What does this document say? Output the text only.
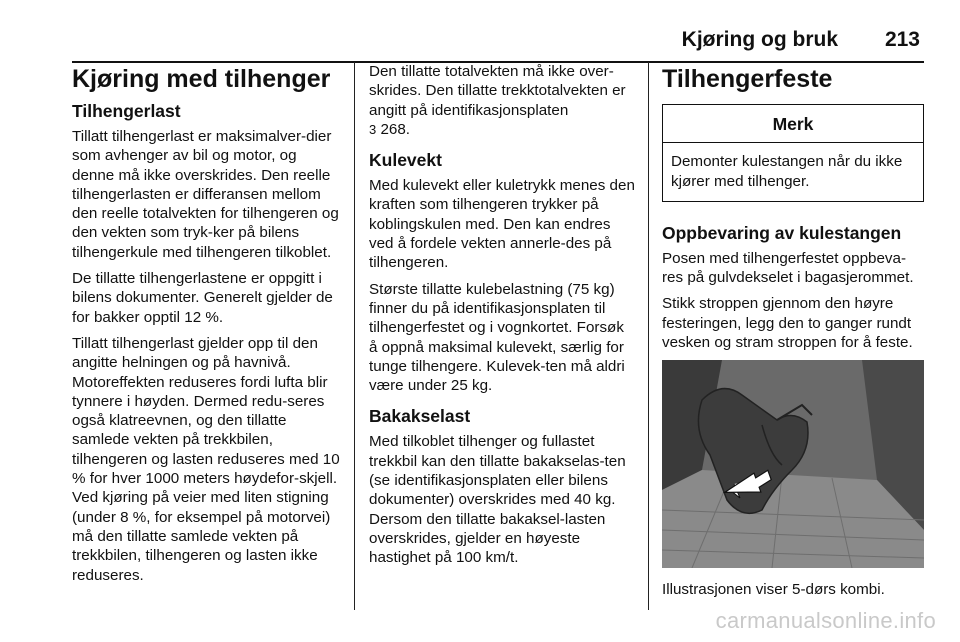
Kjøring og bruk 213
Kjøring med tilhenger
Tilhengerlast

Tillatt tilhengerlast er maksimalver-dier som avhenger av bil og motor, og denne må ikke overskrides. Den reelle tilhengerlasten er differansen mellom den reelle totalvekten for tilhengeren og den vekten som tryk-ker på bilens tilhengerkule med tilhengeren tilkoblet.

De tillatte tilhengerlastene er oppgitt i bilens dokumenter. Generelt gjelder de for bakker opptil 12 %.

Tillatt tilhengerlast gjelder opp til den angitte helningen og på havnivå. Motoreffekten reduseres fordi lufta blir tynnere i høyden. Dermed redu-seres også klatreevnen, og den tillatte samlede vekten på trekkbilen, tilhengeren og lasten reduseres med 10 % for hver 1000 meters høydefor-skjell. Ved kjøring på veier med liten stigning (under 8 %, for eksempel på motorvei) må den tillatte samlede vekten på trekkbilen, tilhengeren og lasten ikke reduseres.

Den tillatte totalvekten må ikke over-skrides. Den tillatte trekktotalvekten er angitt på identifikasjonsplaten
3 268.

Kulevekt

Med kulevekt eller kuletrykk menes den kraften som tilhengeren trykker på koblingskulen med. Den kan endres ved å fordele vekten annerle-des på tilhengeren.

Største tillatte kulebelastning (75 kg) finner du på identifikasjonsplaten til tilhengerfestet og i vognkortet. Forsøk å oppnå maksimal kulevekt, særlig for tunge tilhengere. Kulevek-ten må aldri være under 25 kg.

Bakakselast

Med tilkoblet tilhenger og fullastet trekkbil kan den tillatte bakakselas-ten (se identifikasjonsplaten eller bilens dokumenter) overskrides med 40 kg. Dersom den tillatte bakaksel-lasten overskrides, gjelder en høyeste hastighet på 100 km/t.

Tilhengerfeste
Merk
Demonter kulestangen når du ikke kjører med tilhenger.
Oppbevaring av kulestangen

Posen med tilhengerfestet oppbeva-res på gulvdekselet i bagasjerommet.

Stikk stroppen gjennom den høyre festeringen, legg den to ganger rundt vesken og stram stroppen for å feste.

Illustrasjonen viser 5-dørs kombi.

carmanualsonline.info
